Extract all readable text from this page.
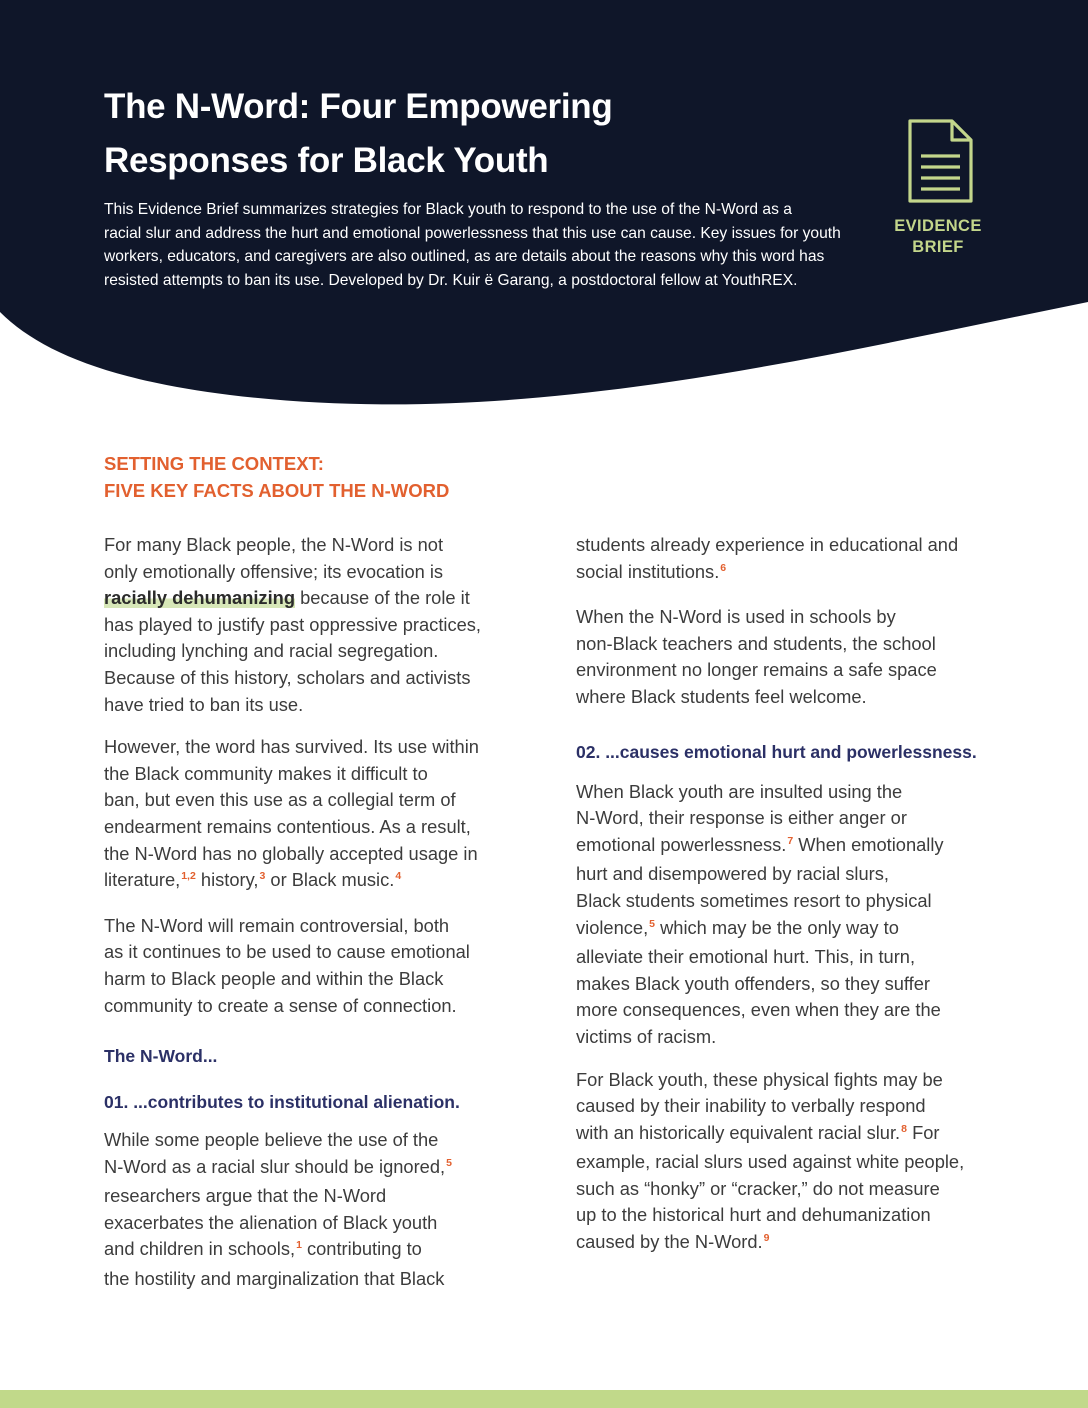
The N-Word: Four Empowering
Responses for Black Youth

This Evidence Brief summarizes strategies for Black youth to respond to the use of the N-Word as a
racial slur and address the hurt and emotional powerlessness that this use can cause. Key issues for youth
workers, educators, and caregivers are also outlined, as are details about the reasons why this word has
resisted attempts to ban its use. Developed by Dr. Kuir ë Garang, a postdoctoral fellow at YouthREX.

EVIDENCE
BRIEF
SETTING THE CONTEXT:
FIVE KEY FACTS ABOUT THE N-WORD

For many Black people, the N-Word is not
only emotionally offensive; its evocation is
racially dehumanizing because of the role it
has played to justify past oppressive practices,
including lynching and racial segregation.
Because of this history, scholars and activists
have tried to ban its use.

However, the word has survived. Its use within
the Black community makes it difficult to
ban, but even this use as a collegial term of
endearment remains contentious. As a result,
the N-Word has no globally accepted usage in
literature,$^{1,2}$ history,$^3$ or Black music.$^4$

The N-Word will remain controversial, both
as it continues to be used to cause emotional
harm to Black people and within the Black
community to create a sense of connection.

The N-Word...
01. ...contributes to institutional alienation.

While some people believe the use of the
N-Word as a racial slur should be ignored,$^5$
researchers argue that the N-Word
exacerbates the alienation of Black youth
and children in schools,$^1$ contributing to
the hostility and marginalization that Black

students already experience in educational and
social institutions.$^6$

When the N-Word is used in schools by
non-Black teachers and students, the school
environment no longer remains a safe space
where Black students feel welcome.

02. ...causes emotional hurt and powerlessness.

When Black youth are insulted using the
N-Word, their response is either anger or
emotional powerlessness.$^7$ When emotionally
hurt and disempowered by racial slurs,
Black students sometimes resort to physical
violence,$^5$ which may be the only way to
alleviate their emotional hurt. This, in turn,
makes Black youth offenders, so they suffer
more consequences, even when they are the
victims of racism.

For Black youth, these physical fights may be
caused by their inability to verbally respond
with an historically equivalent racial slur.$^8$ For
example, racial slurs used against white people,
such as “honky” or “cracker,” do not measure
up to the historical hurt and dehumanization
caused by the N-Word.$^9$
